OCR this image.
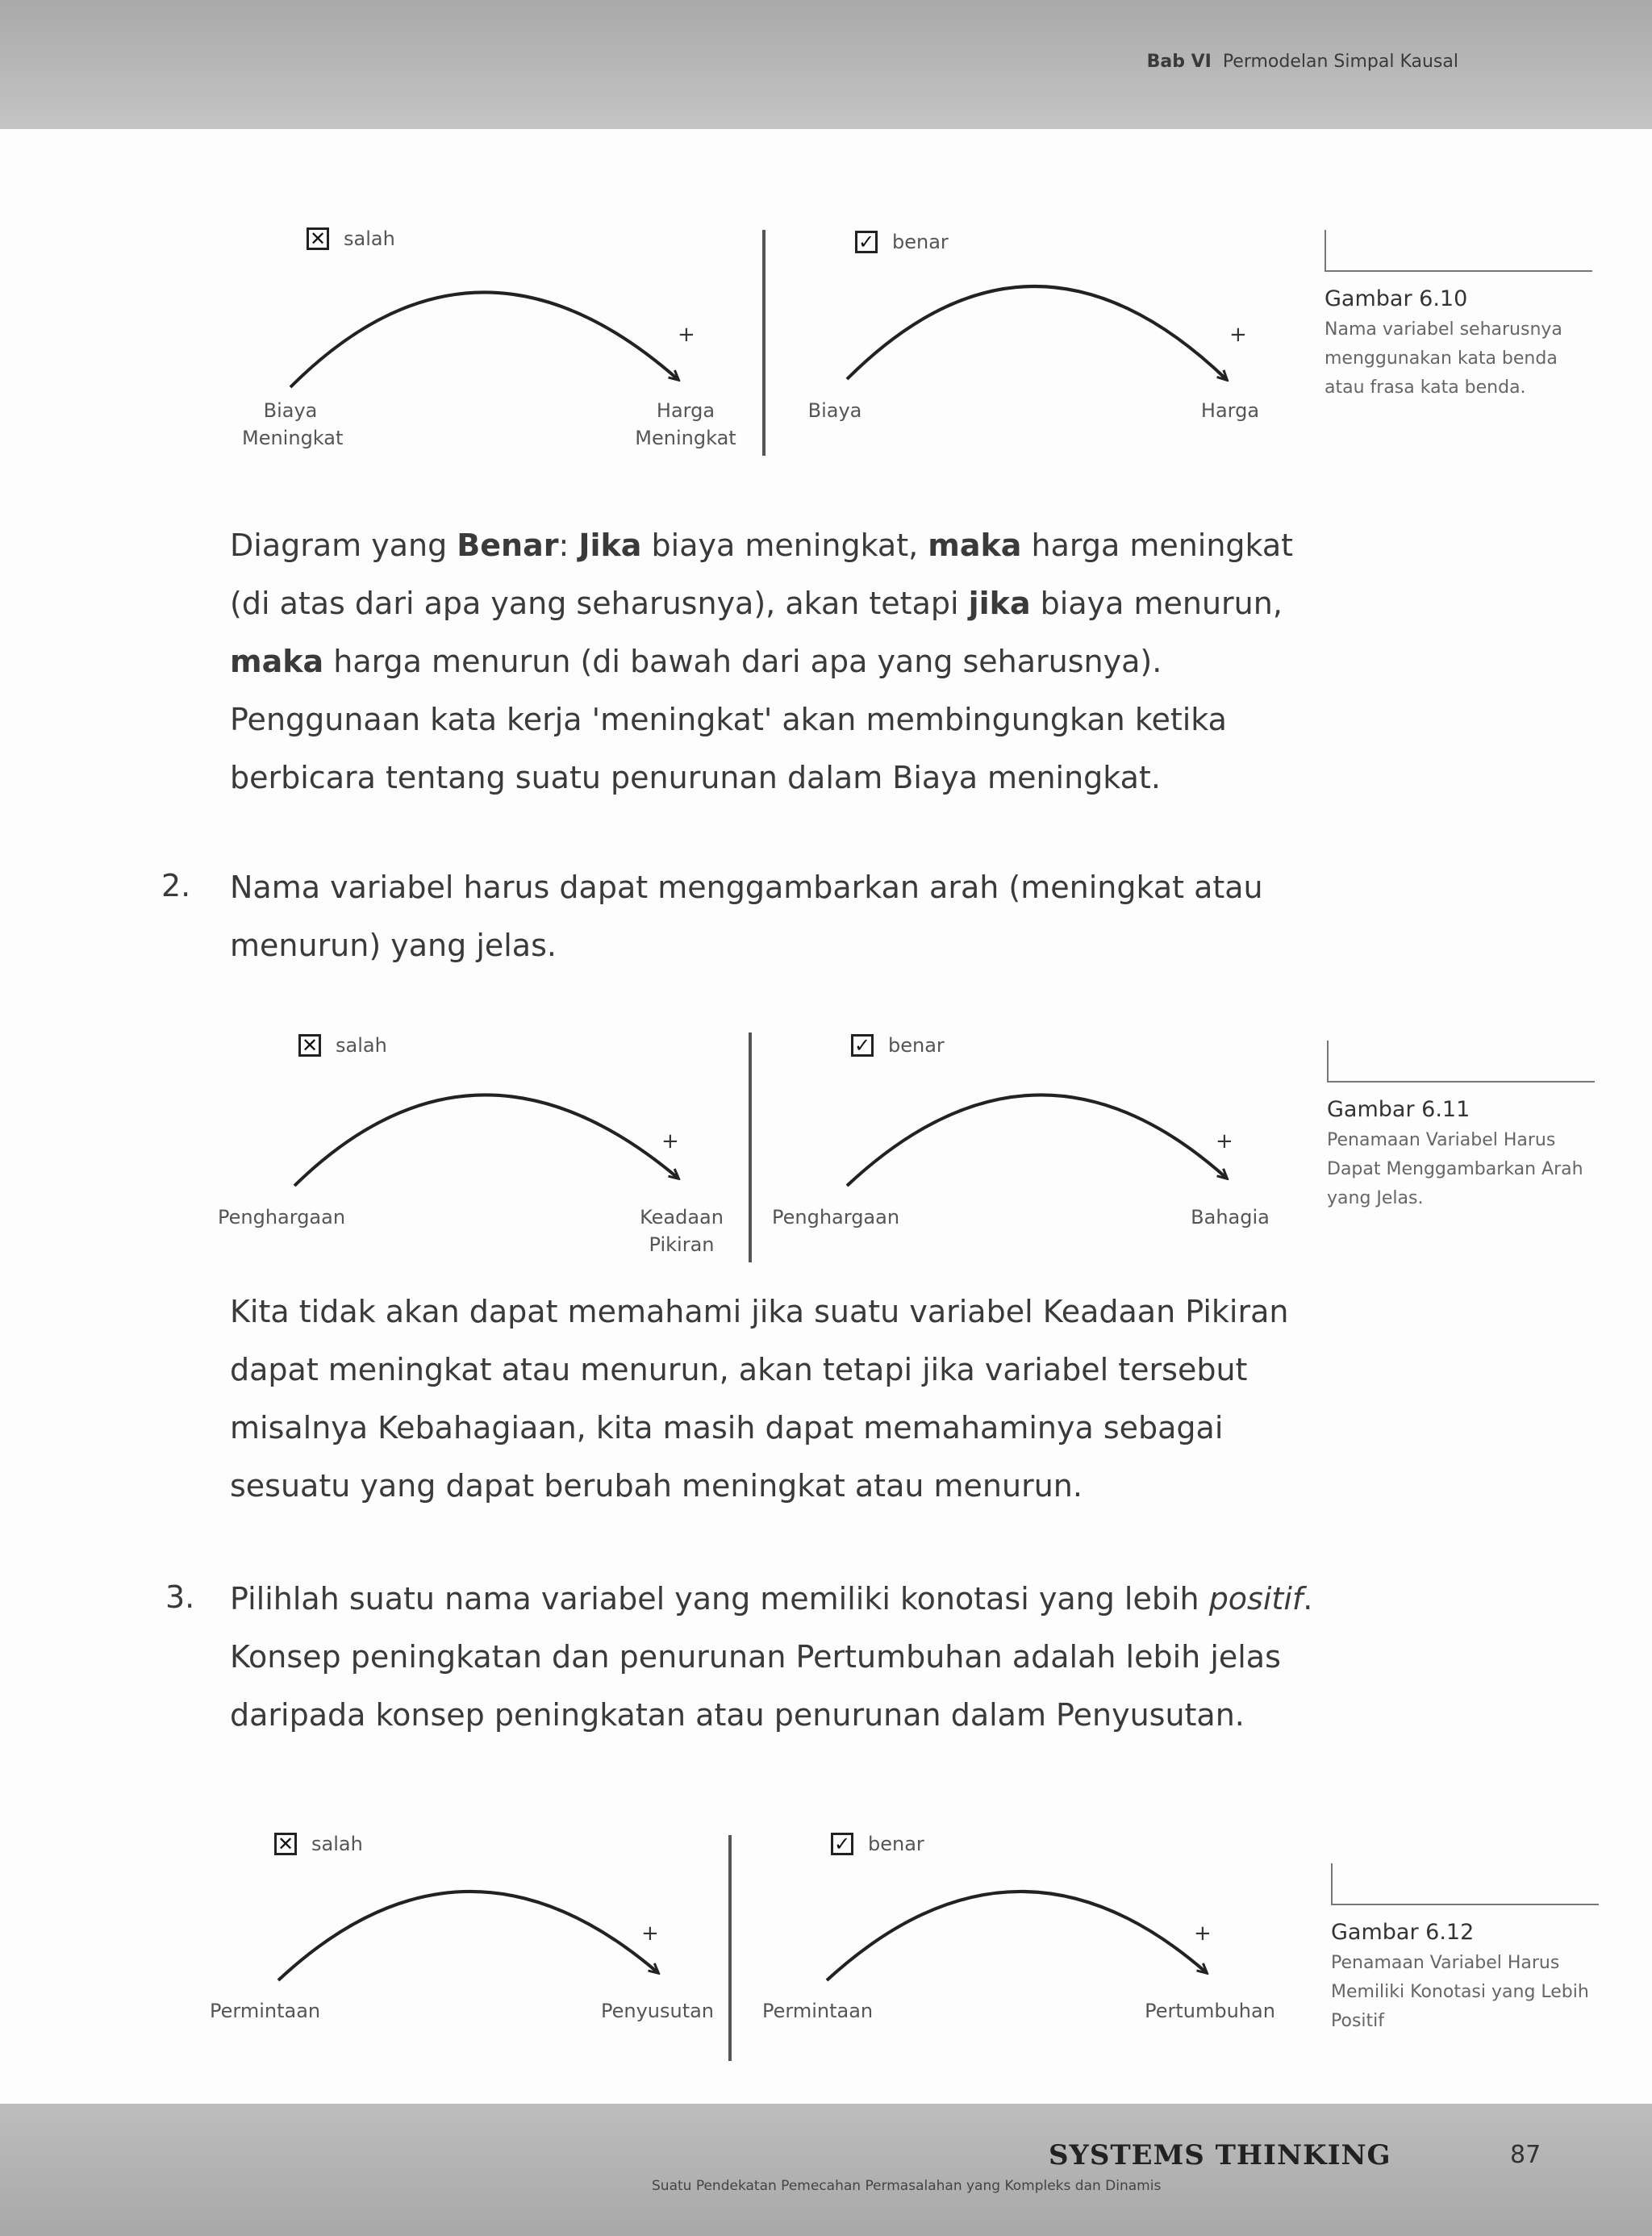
Bab VI Permodelan Simpal Kausal
✕ salah
+
Biaya
Meningkat
Harga
Meningkat
✓ benar
+
Biaya	Harga
Gambar 6.10
Nama variabel seharusnya menggunakan kata benda atau frasa kata benda.

Diagram yang Benar: Jika biaya meningkat, maka harga meningkat (di atas dari apa yang seharusnya), akan tetapi jika biaya menurun, maka harga menurun (di bawah dari apa yang seharusnya). Penggunaan kata kerja 'meningkat' akan membingungkan ketika berbicara tentang suatu penurunan dalam Biaya meningkat.

2. Nama variabel harus dapat menggambarkan arah (meningkat atau menurun) yang jelas.

✕ salah
+
Penghargaan	Keadaan
Pikiran
✓ benar
+
Penghargaan	Bahagia
Gambar 6.11
Penamaan Variabel Harus Dapat Menggambarkan Arah yang Jelas.

Kita tidak akan dapat memahami jika suatu variabel Keadaan Pikiran dapat meningkat atau menurun, akan tetapi jika variabel tersebut misalnya Kebahagiaan, kita masih dapat memahaminya sebagai sesuatu yang dapat berubah meningkat atau menurun.

3. Pilihlah suatu nama variabel yang memiliki konotasi yang lebih positif. Konsep peningkatan dan penurunan Pertumbuhan adalah lebih jelas daripada konsep peningkatan atau penurunan dalam Penyusutan.

✕ salah
+
Permintaan	Penyusutan
✓ benar
+
Permintaan	Pertumbuhan
Gambar 6.12
Penamaan Variabel Harus Memiliki Konotasi yang Lebih Positif
SYSTEMS THINKING
Suatu Pendekatan Pemecahan Permasalahan yang Kompleks dan Dinamis
87
